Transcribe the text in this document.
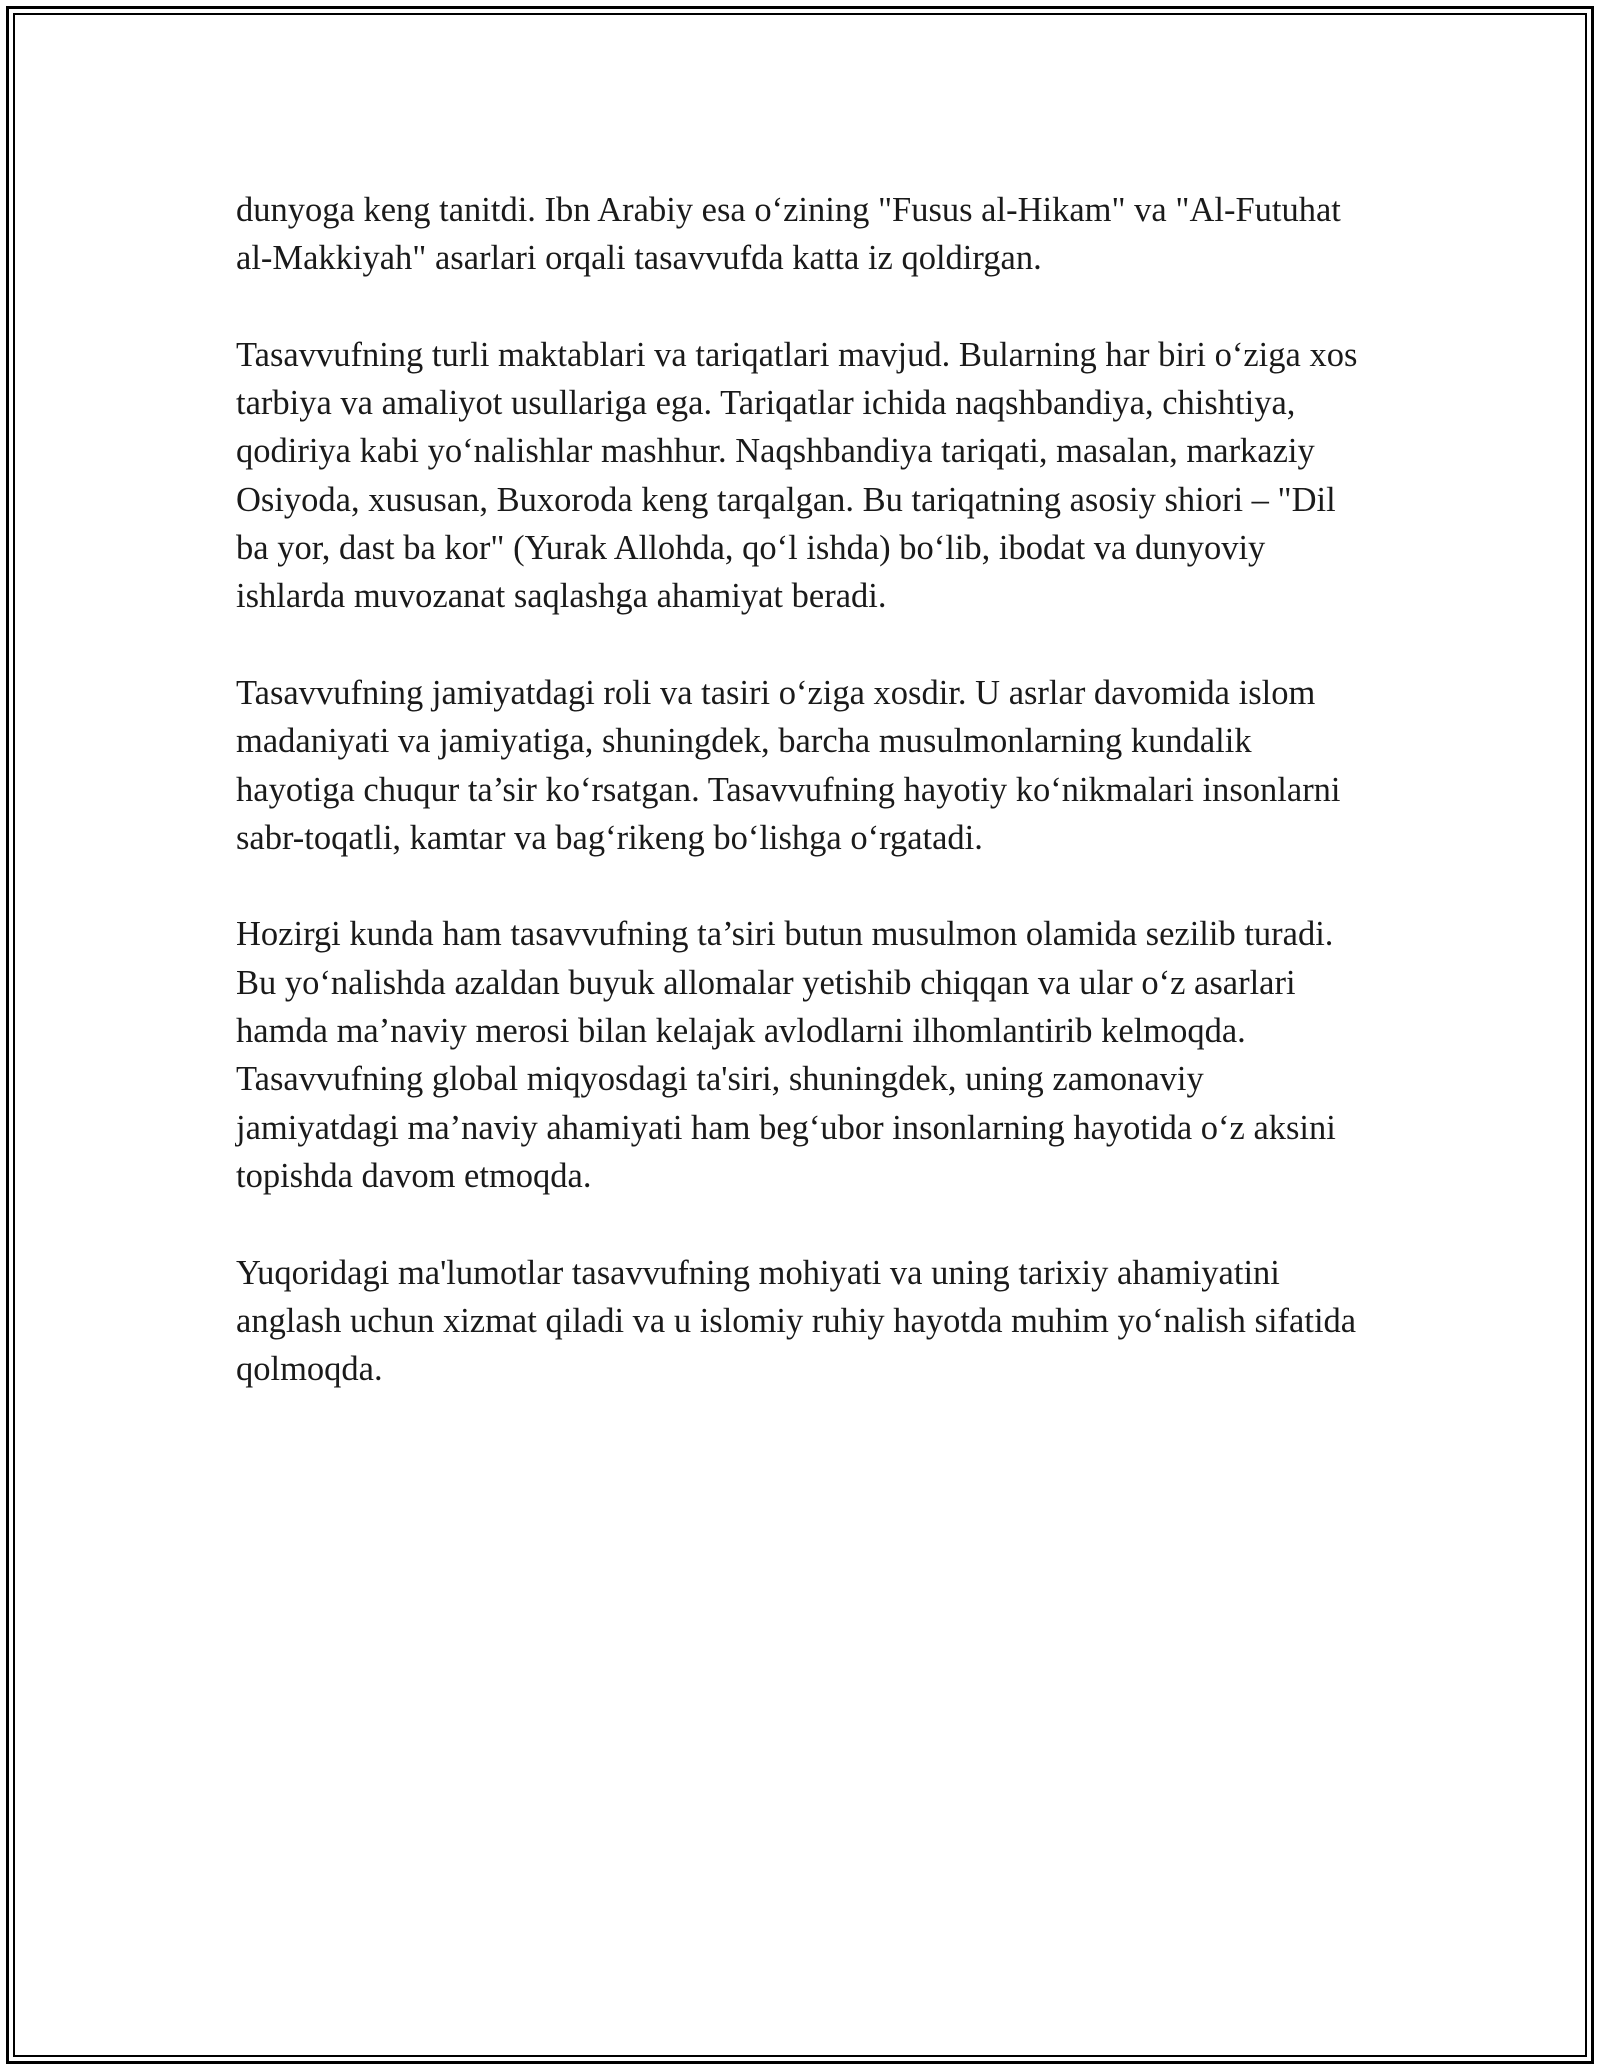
dunyoga keng tanitdi. Ibn Arabiy esa o‘zining "Fusus al-Hikam" va "Al-Futuhat al-Makkiyah" asarlari orqali tasavvufda katta iz qoldirgan.

Tasavvufning turli maktablari va tariqatlari mavjud. Bularning har biri o‘ziga xos tarbiya va amaliyot usullariga ega. Tariqatlar ichida naqshbandiya, chishtiya, qodiriya kabi yo‘nalishlar mashhur. Naqshbandiya tariqati, masalan, markaziy Osiyoda, xususan, Buxoroda keng tarqalgan. Bu tariqatning asosiy shiori – "Dil ba yor, dast ba kor" (Yurak Allohda, qo‘l ishda) bo‘lib, ibodat va dunyoviy ishlarda muvozanat saqlashga ahamiyat beradi.

Tasavvufning jamiyatdagi roli va tasiri o‘ziga xosdir. U asrlar davomida islom madaniyati va jamiyatiga, shuningdek, barcha musulmonlarning kundalik hayotiga chuqur ta’sir ko‘rsatgan. Tasavvufning hayotiy ko‘nikmalari insonlarni sabr-toqatli, kamtar va bag‘rikeng bo‘lishga o‘rgatadi.

Hozirgi kunda ham tasavvufning ta’siri butun musulmon olamida sezilib turadi. Bu yo‘nalishda azaldan buyuk allomalar yetishib chiqqan va ular o‘z asarlari hamda ma’naviy merosi bilan kelajak avlodlarni ilhomlantirib kelmoqda. Tasavvufning global miqyosdagi ta'siri, shuningdek, uning zamonaviy jamiyatdagi ma’naviy ahamiyati ham beg‘ubor insonlarning hayotida o‘z aksini topishda davom etmoqda.

Yuqoridagi ma'lumotlar tasavvufning mohiyati va uning tarixiy ahamiyatini anglash uchun xizmat qiladi va u islomiy ruhiy hayotda muhim yo‘nalish sifatida qolmoqda.
